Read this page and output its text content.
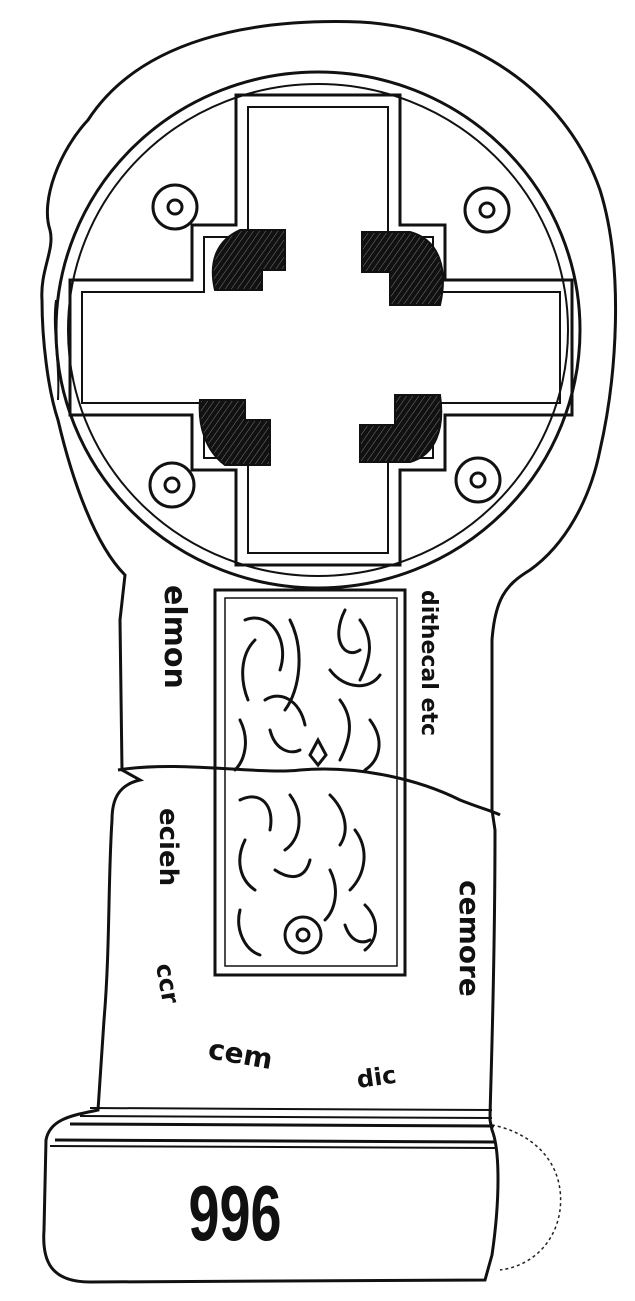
elmon	dithecal etc
ecieh
ccr
cem
cemore
dic
996
